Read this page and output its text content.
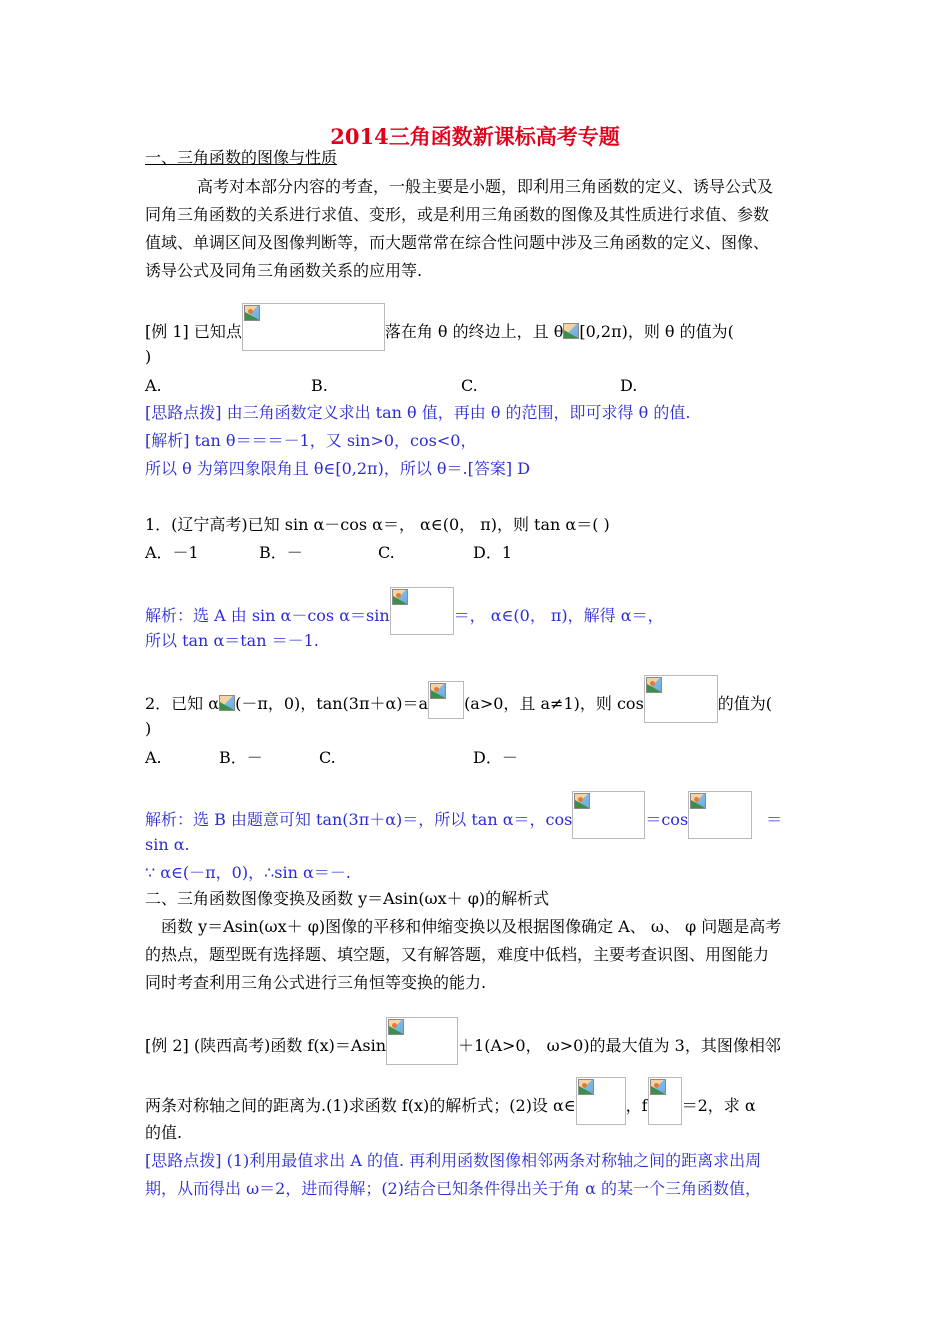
2014三角函数新课标高考专题
一、三角函数的图像与性质
高考对本部分内容的考查，一般主要是小题，即利用三角函数的定义、诱导公式及
同角三角函数的关系进行求值、变形，或是利用三角函数的图像及其性质进行求值、参数
值域、单调区间及图像判断等，而大题常常在综合性问题中涉及三角函数的定义、图像、
诱导公式及同角三角函数关系的应用等.
[例 1] 已知点	落在角 θ 的终边上，且 θ [0,2π)，则 θ 的值为(
)
A.	B.	C.	D.
[思路点拨] 由三角函数定义求出 tan θ 值，再由 θ 的范围，即可求得 θ 的值.
[解析] tan θ＝＝＝－1，又 sin>0，cos<0，
所以 θ 为第四象限角且 θ∈[0,2π)，所以 θ＝.[答案] D
1．(辽宁高考)已知 sin α－cos α＝， α∈(0， π)，则 tan α＝( )
A．－1	B．－	C.	D．1
解析：选 A 由 sin α－cos α＝sin	＝， α∈(0， π)，解得 α＝，
所以 tan α＝tan ＝－1.
2．已知 α (－π，0)，tan(3π＋α)＝a (a>0，且 a≠1)，则 cos	的值为(
)
A.	B．－	C.	D．－
解析：选 B 由题意可知 tan(3π＋α)＝，所以 tan α＝，cos	＝cos	＝
sin α.
∵ α∈(－π，0)，∴sin α＝－.
二、三角函数图像变换及函数 y＝Asin(ωx＋ φ)的解析式
函数 y＝Asin(ωx＋ φ)图像的平移和伸缩变换以及根据图像确定 A、 ω、 φ 问题是高考
的热点，题型既有选择题、填空题，又有解答题，难度中低档，主要考查识图、用图能力
同时考查利用三角公式进行三角恒等变换的能力.
[例 2] (陕西高考)函数 f(x)＝Asin	＋1(A>0， ω>0)的最大值为 3，其图像相邻
两条对称轴之间的距离为.(1)求函数 f(x)的解析式；(2)设 α∈	，f ＝2，求 α
的值.
[思路点拨] (1)利用最值求出 A 的值. 再利用函数图像相邻两条对称轴之间的距离求出周
期，从而得出 ω＝2，进而得解；(2)结合已知条件得出关于角 α 的某一个三角函数值，
